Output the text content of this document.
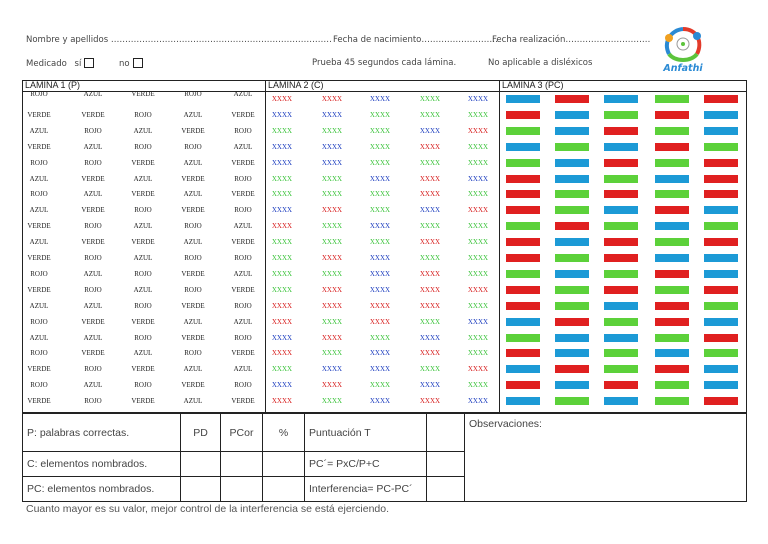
Nombre y apellidos …………………………………………………………………… Fecha de nacimiento………………………
Fecha realización…………………………
Medicado sí	no	Prueba 45 segundos cada lámina.	No aplicable a disléxicos	Anfathi
LAMINA 1 (P)
ROJO	AZUL	VERDE	ROJO	AZUL
VERDE	VERDE	ROJO	AZUL	VERDE
AZUL	ROJO	AZUL	VERDE	ROJO
VERDE	AZUL	ROJO	ROJO	AZUL
ROJO	ROJO	VERDE	AZUL	VERDE
AZUL	VERDE	AZUL	VERDE	ROJO
ROJO	AZUL	VERDE	AZUL	VERDE
AZUL	VERDE	ROJO	VERDE	ROJO
VERDE	ROJO	AZUL	ROJO	AZUL
AZUL	VERDE	VERDE	AZUL	VERDE
VERDE	ROJO	AZUL	ROJO	ROJO
ROJO	AZUL	ROJO	VERDE	AZUL
VERDE	ROJO	AZUL	ROJO	VERDE
AZUL	AZUL	ROJO	VERDE	ROJO
ROJO	VERDE	VERDE	AZUL	AZUL
AZUL	AZUL	ROJO	VERDE	ROJO
ROJO	VERDE	AZUL	ROJO	VERDE
VERDE	ROJO	VERDE	AZUL	AZUL
ROJO	AZUL	ROJO	VERDE	ROJO
VERDE	ROJO	VERDE	AZUL	VERDE
LAMINA 2 (C)
XXXX	XXXX	XXXX	XXXX	XXXX
XXXX	XXXX	XXXX	XXXX	XXXX
XXXX	XXXX	XXXX	XXXX	XXXX
XXXX	XXXX	XXXX	XXXX	XXXX
XXXX	XXXX	XXXX	XXXX	XXXX
XXXX	XXXX	XXXX	XXXX	XXXX
XXXX	XXXX	XXXX	XXXX	XXXX
XXXX	XXXX	XXXX	XXXX	XXXX
XXXX	XXXX	XXXX	XXXX	XXXX
XXXX	XXXX	XXXX	XXXX	XXXX
XXXX	XXXX	XXXX	XXXX	XXXX
XXXX	XXXX	XXXX	XXXX	XXXX
XXXX	XXXX	XXXX	XXXX	XXXX
XXXX	XXXX	XXXX	XXXX	XXXX
XXXX	XXXX	XXXX	XXXX	XXXX
XXXX	XXXX	XXXX	XXXX	XXXX
XXXX	XXXX	XXXX	XXXX	XXXX
XXXX	XXXX	XXXX	XXXX	XXXX
XXXX	XXXX	XXXX	XXXX	XXXX
XXXX	XXXX	XXXX	XXXX	XXXX
LAMINA 3 (PC)
P: palabras correctas.	PD	PCor	%	Puntuación T		Observaciones:
C: elementos nombrados.				PC´= PxC/P+C		
PC: elementos nombrados.				Interferencia= PC-PC´		
Cuanto mayor es su valor, mejor control de la interferencia se está ejerciendo.
